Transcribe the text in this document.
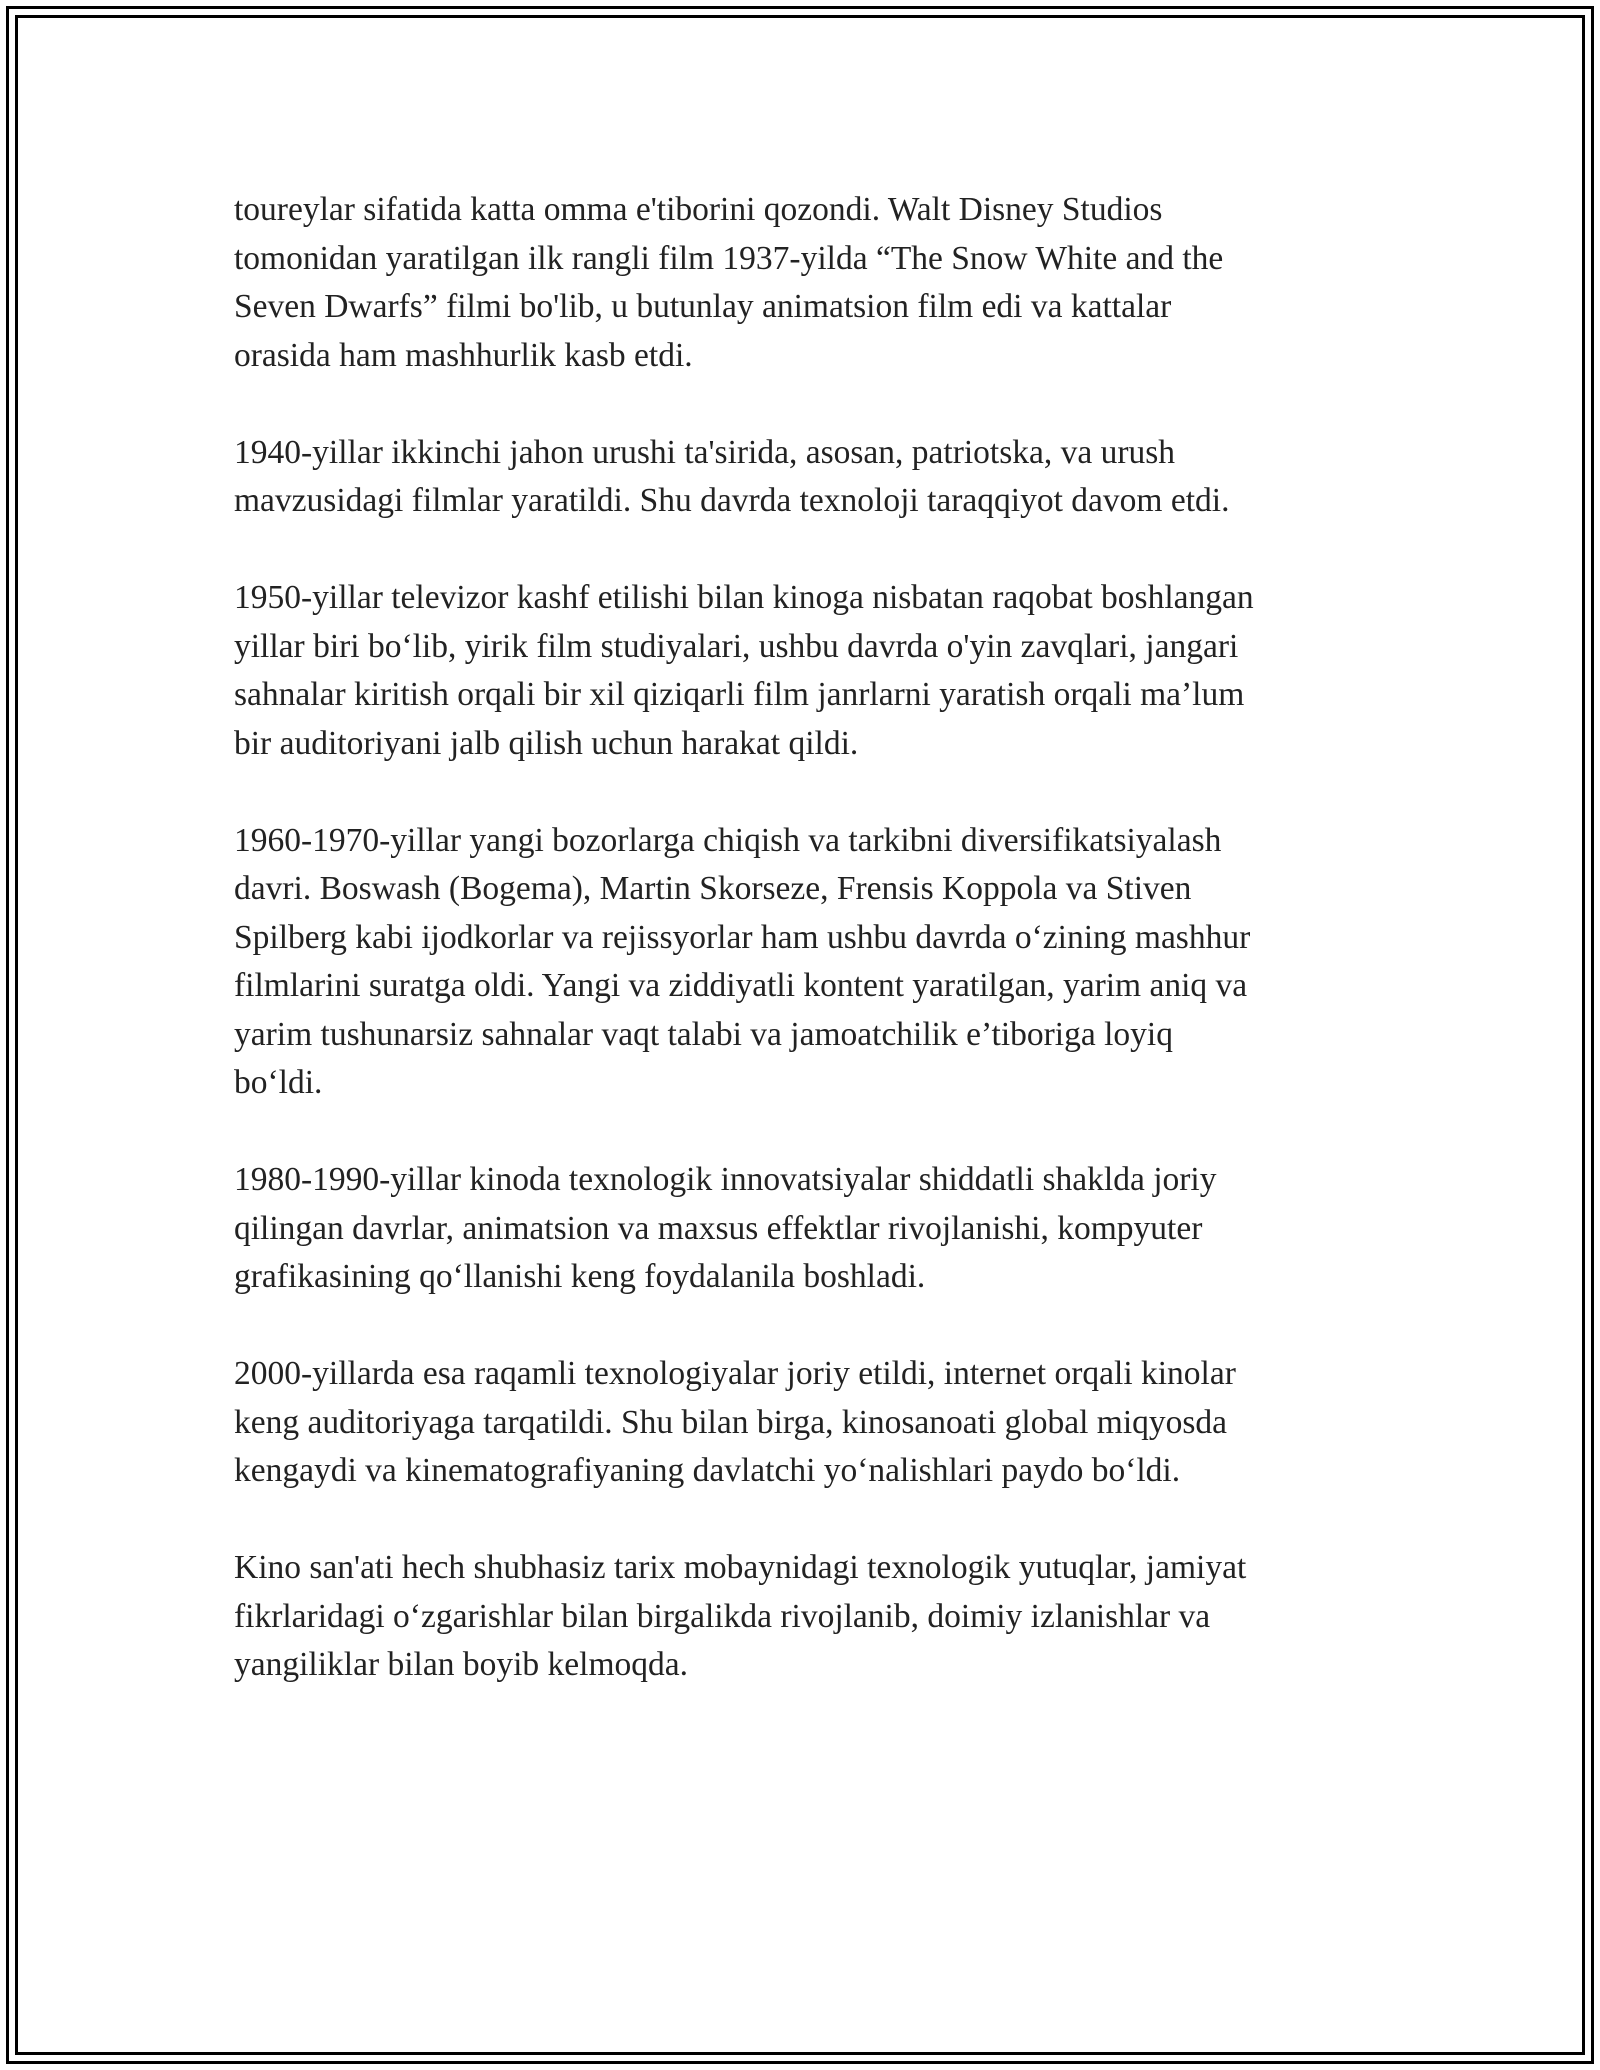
toureylar sifatida katta omma e'tiborini qozondi. Walt Disney Studios
tomonidan yaratilgan ilk rangli film 1937-yilda “The Snow White and the
Seven Dwarfs” filmi bo'lib, u butunlay animatsion film edi va kattalar
orasida ham mashhurlik kasb etdi.

1940-yillar ikkinchi jahon urushi ta'sirida, asosan, patriotska, va urush
mavzusidagi filmlar yaratildi. Shu davrda texnoloji taraqqiyot davom etdi.

1950-yillar televizor kashf etilishi bilan kinoga nisbatan raqobat boshlangan
yillar biri bo‘lib, yirik film studiyalari, ushbu davrda o'yin zavqlari, jangari
sahnalar kiritish orqali bir xil qiziqarli film janrlarni yaratish orqali ma’lum
bir auditoriyani jalb qilish uchun harakat qildi.

1960-1970-yillar yangi bozorlarga chiqish va tarkibni diversifikatsiyalash
davri. Boswash (Bogema), Martin Skorseze, Frensis Koppola va Stiven
Spilberg kabi ijodkorlar va rejissyorlar ham ushbu davrda o‘zining mashhur
filmlarini suratga oldi. Yangi va ziddiyatli kontent yaratilgan, yarim aniq va
yarim tushunarsiz sahnalar vaqt talabi va jamoatchilik e’tiboriga loyiq
bo‘ldi.

1980-1990-yillar kinoda texnologik innovatsiyalar shiddatli shaklda joriy
qilingan davrlar, animatsion va maxsus effektlar rivojlanishi, kompyuter
grafikasining qo‘llanishi keng foydalanila boshladi.

2000-yillarda esa raqamli texnologiyalar joriy etildi, internet orqali kinolar
keng auditoriyaga tarqatildi. Shu bilan birga, kinosanoati global miqyosda
kengaydi va kinematografiyaning davlatchi yo‘nalishlari paydo bo‘ldi.

Kino san'ati hech shubhasiz tarix mobaynidagi texnologik yutuqlar, jamiyat
fikrlaridagi o‘zgarishlar bilan birgalikda rivojlanib, doimiy izlanishlar va
yangiliklar bilan boyib kelmoqda.
